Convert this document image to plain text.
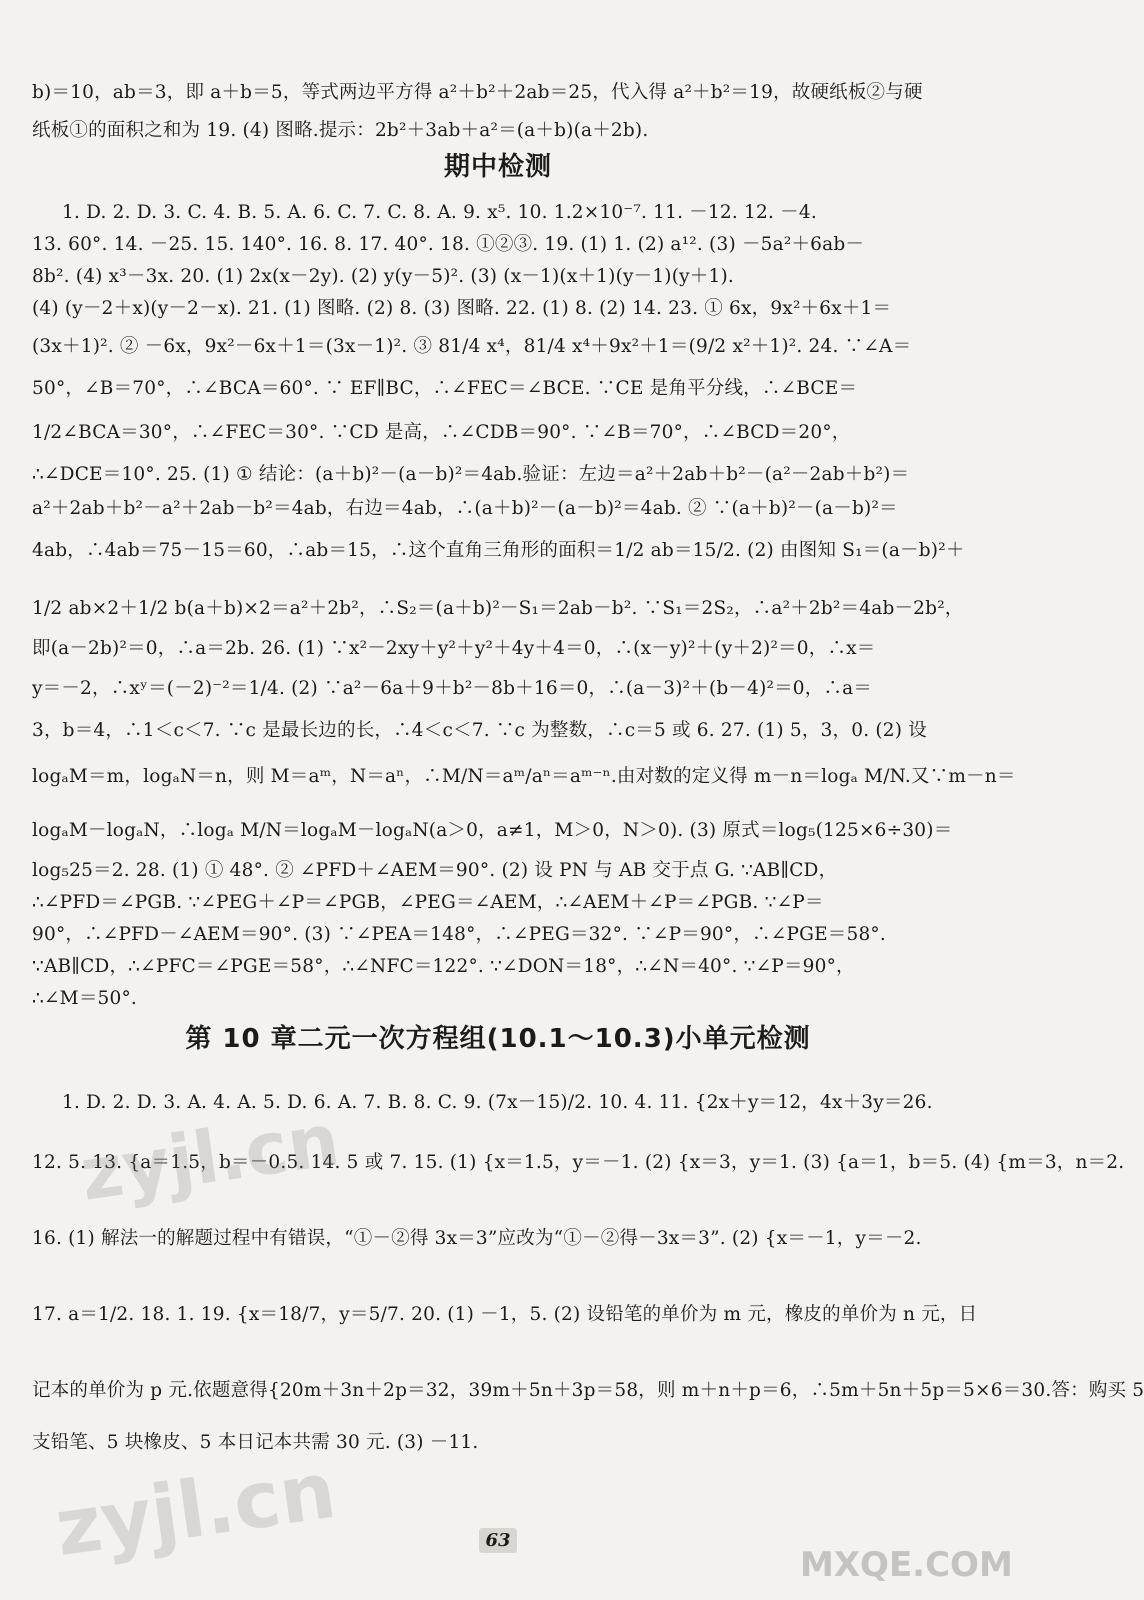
b)＝10，ab＝3，即 a＋b＝5，等式两边平方得 a²＋b²＋2ab＝25，代入得 a²＋b²＝19，故硬纸板②与硬
纸板①的面积之和为 19. (4) 图略.提示：2b²＋3ab＋a²＝(a＋b)(a＋2b).
期中检测
1. D. 2. D. 3. C. 4. B. 5. A. 6. C. 7. C. 8. A. 9. x⁵. 10. 1.2×10⁻⁷. 11. －12. 12. －4.
13. 60°. 14. －25. 15. 140°. 16. 8. 17. 40°. 18. ①②③. 19. (1) 1. (2) a¹². (3) －5a²＋6ab－
8b². (4) x³－3x. 20. (1) 2x(x－2y). (2) y(y－5)². (3) (x－1)(x＋1)(y－1)(y＋1).
(4) (y－2＋x)(y－2－x). 21. (1) 图略. (2) 8. (3) 图略. 22. (1) 8. (2) 14. 23. ① 6x，9x²＋6x＋1＝
(3x＋1)². ② －6x，9x²－6x＋1＝(3x－1)². ③ 81/4 x⁴，81/4 x⁴＋9x²＋1＝(9/2 x²＋1)². 24. ∵∠A＝
50°，∠B＝70°，∴∠BCA＝60°. ∵ EF∥BC，∴∠FEC＝∠BCE. ∵CE 是角平分线，∴∠BCE＝
1/2∠BCA＝30°，∴∠FEC＝30°. ∵CD 是高，∴∠CDB＝90°. ∵∠B＝70°，∴∠BCD＝20°，
∴∠DCE＝10°. 25. (1) ① 结论：(a＋b)²－(a－b)²＝4ab.验证：左边＝a²＋2ab＋b²－(a²－2ab＋b²)＝
a²＋2ab＋b²－a²＋2ab－b²＝4ab，右边＝4ab，∴(a＋b)²－(a－b)²＝4ab. ② ∵(a＋b)²－(a－b)²＝
4ab，∴4ab＝75－15＝60，∴ab＝15，∴这个直角三角形的面积＝1/2 ab＝15/2. (2) 由图知 S₁＝(a－b)²＋
1/2 ab×2＋1/2 b(a＋b)×2＝a²＋2b²，∴S₂＝(a＋b)²－S₁＝2ab－b². ∵S₁＝2S₂，∴a²＋2b²＝4ab－2b²，
即(a－2b)²＝0，∴a＝2b. 26. (1) ∵x²－2xy＋y²＋y²＋4y＋4＝0，∴(x－y)²＋(y＋2)²＝0，∴x＝
y＝－2，∴xʸ＝(－2)⁻²＝1/4. (2) ∵a²－6a＋9＋b²－8b＋16＝0，∴(a－3)²＋(b－4)²＝0，∴a＝
3，b＝4，∴1＜c＜7. ∵c 是最长边的长，∴4＜c＜7. ∵c 为整数，∴c＝5 或 6. 27. (1) 5，3，0. (2) 设
logₐM＝m，logₐN＝n，则 M＝aᵐ，N＝aⁿ，∴M/N＝aᵐ/aⁿ＝aᵐ⁻ⁿ.由对数的定义得 m－n＝logₐ M/N.又∵m－n＝
logₐM－logₐN，∴logₐ M/N＝logₐM－logₐN(a＞0，a≠1，M＞0，N＞0). (3) 原式＝log₅(125×6÷30)＝
log₅25＝2. 28. (1) ① 48°. ② ∠PFD＋∠AEM＝90°. (2) 设 PN 与 AB 交于点 G. ∵AB∥CD，
∴∠PFD＝∠PGB. ∵∠PEG＋∠P＝∠PGB，∠PEG＝∠AEM，∴∠AEM＋∠P＝∠PGB. ∵∠P＝
90°，∴∠PFD－∠AEM＝90°. (3) ∵∠PEA＝148°，∴∠PEG＝32°. ∵∠P＝90°，∴∠PGE＝58°.
∵AB∥CD，∴∠PFC＝∠PGE＝58°，∴∠NFC＝122°. ∵∠DON＝18°，∴∠N＝40°. ∵∠P＝90°，
∴∠M＝50°.
第 10 章二元一次方程组(10.1～10.3)小单元检测
1. D. 2. D. 3. A. 4. A. 5. D. 6. A. 7. B. 8. C. 9. (7x－15)/2. 10. 4. 11. {2x＋y＝12，4x＋3y＝26.
12. 5. 13. {a＝1.5，b＝－0.5. 14. 5 或 7. 15. (1) {x＝1.5，y＝－1. (2) {x＝3，y＝1. (3) {a＝1，b＝5. (4) {m＝3，n＝2.
16. (1) 解法一的解题过程中有错误，“①－②得 3x＝3”应改为“①－②得－3x＝3”. (2) {x＝－1，y＝－2.
17. a＝1/2. 18. 1. 19. {x＝18/7，y＝5/7. 20. (1) －1，5. (2) 设铅笔的单价为 m 元，橡皮的单价为 n 元，日
记本的单价为 p 元.依题意得{20m＋3n＋2p＝32，39m＋5n＋3p＝58，则 m＋n＋p＝6，∴5m＋5n＋5p＝5×6＝30.答：购买 5
支铅笔、5 块橡皮、5 本日记本共需 30 元. (3) －11.
63
zyjl.cn
zyjl.cn	MXQE.COM
